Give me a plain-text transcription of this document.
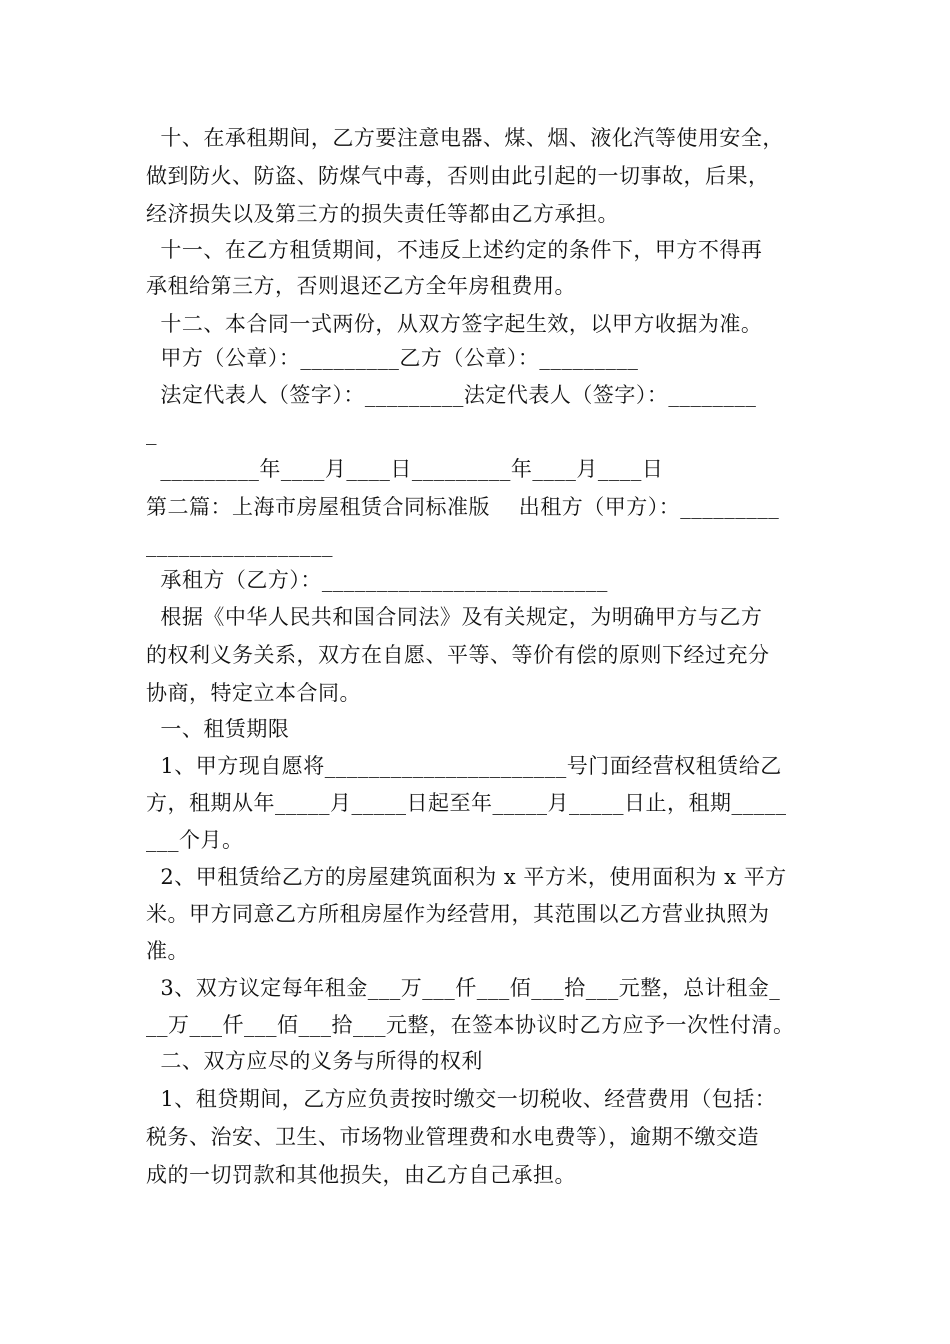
十、在承租期间，乙方要注意电器、煤、烟、液化汽等使用安全，
做到防火、防盗、防煤气中毒，否则由此引起的一切事故，后果，
经济损失以及第三方的损失责任等都由乙方承担。
十一、在乙方租赁期间，不违反上述约定的条件下，甲方不得再
承租给第三方，否则退还乙方全年房租费用。
十二、本合同一式两份，从双方签字起生效，以甲方收据为准。
甲方（公章）：_________乙方（公章）：_________
法定代表人（签字）：_________法定代表人（签字）：________
_
_________年____月____日_________年____月____日
第二篇：上海市房屋租赁合同标准版    出租方（甲方）：_________
_________________
承租方（乙方）：__________________________
根据《中华人民共和国合同法》及有关规定，为明确甲方与乙方
的权利义务关系，双方在自愿、平等、等价有偿的原则下经过充分
协商，特定立本合同。
一、租赁期限
1、甲方现自愿将______________________号门面经营权租赁给乙
方，租期从年_____月_____日起至年_____月_____日止，租期_____
___个月。
2、甲租赁给乙方的房屋建筑面积为 x 平方米，使用面积为 x 平方
米。甲方同意乙方所租房屋作为经营用，其范围以乙方营业执照为
准。
3、双方议定每年租金___万___仟___佰___拾___元整，总计租金_
__万___仟___佰___拾___元整，在签本协议时乙方应予一次性付清。
二、双方应尽的义务与所得的权利
1、租贷期间，乙方应负责按时缴交一切税收、经营费用（包括：
税务、治安、卫生、市场物业管理费和水电费等），逾期不缴交造
成的一切罚款和其他损失，由乙方自己承担。
